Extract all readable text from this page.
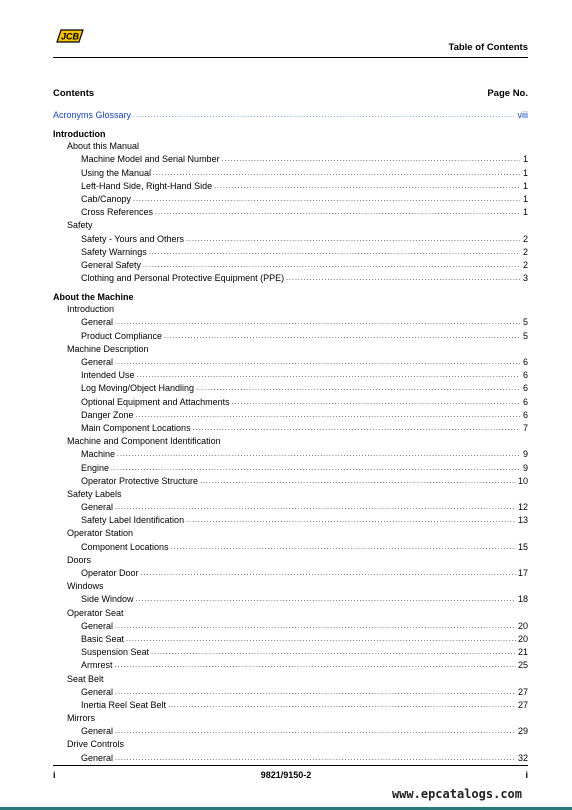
JCB
Table of Contents
Contents	Page No.
Acronyms Glossary .....	viii
Introduction
About this Manual
Machine Model and Serial Number .....	1
Using the Manual .....	1
Left-Hand Side, Right-Hand Side .....	1
Cab/Canopy .....	1
Cross References .....	1
Safety
Safety - Yours and Others .....	2
Safety Warnings .....	2
General Safety .....	2
Clothing and Personal Protective Equipment (PPE) .....	3
About the Machine
Introduction
General .....	5
Product Compliance .....	5
Machine Description
General .....	6
Intended Use .....	6
Log Moving/Object Handling .....	6
Optional Equipment and Attachments .....	6
Danger Zone .....	6
Main Component Locations .....	7
Machine and Component Identification
Machine .....	9
Engine .....	9
Operator Protective Structure .....	10
Safety Labels
General .....	12
Safety Label Identification .....	13
Operator Station
Component Locations .....	15
Doors
Operator Door .....	17
Windows
Side Window .....	18
Operator Seat
General .....	20
Basic Seat .....	20
Suspension Seat .....	21
Armrest .....	25
Seat Belt
General .....	27
Inertia Reel Seat Belt .....	27
Mirrors
General .....	29
Drive Controls
General .....	32
i	9821/9150-2	i
www.epcatalogs.com
